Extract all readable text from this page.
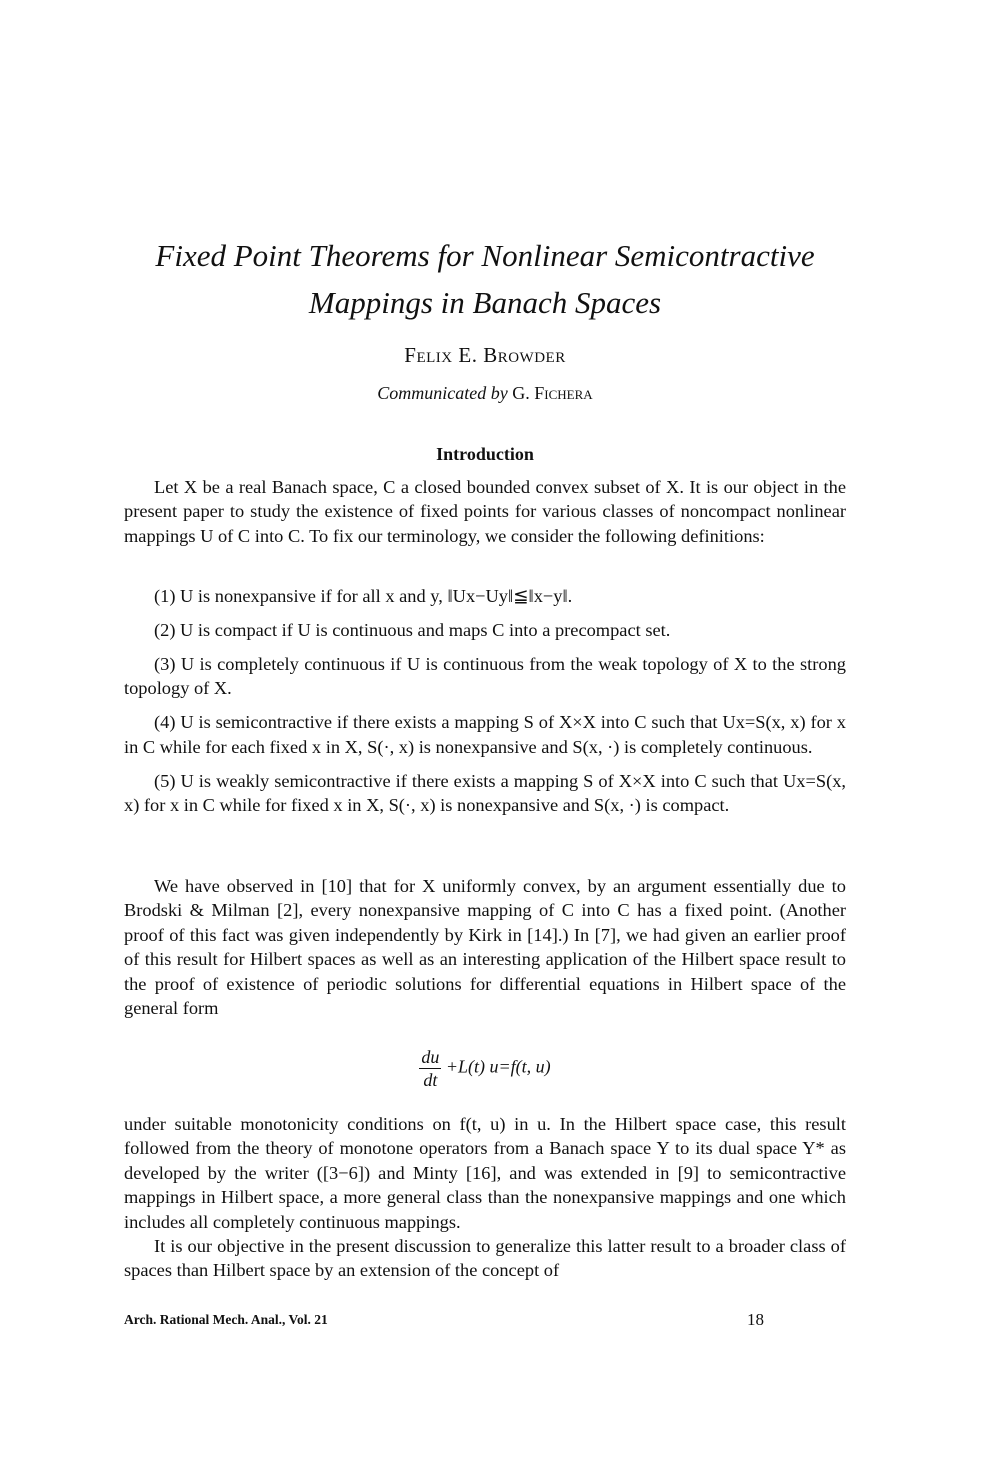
Fixed Point Theorems for Nonlinear Semicontractive
Mappings in Banach Spaces
Felix E. Browder
Communicated by G. Fichera
Introduction

Let X be a real Banach space, C a closed bounded convex subset of X. It is our object in the present paper to study the existence of fixed points for various classes of noncompact nonlinear mappings U of C into C. To fix our terminology, we consider the following definitions:

(1) U is nonexpansive if for all x and y, ‖Ux−Uy‖≦‖x−y‖.

(2) U is compact if U is continuous and maps C into a precompact set.

(3) U is completely continuous if U is continuous from the weak topology of X to the strong topology of X.

(4) U is semicontractive if there exists a mapping S of X×X into C such that Ux=S(x, x) for x in C while for each fixed x in X, S(·, x) is nonexpansive and S(x, ·) is completely continuous.

(5) U is weakly semicontractive if there exists a mapping S of X×X into C such that Ux=S(x, x) for x in C while for fixed x in X, S(·, x) is nonexpansive and S(x, ·) is compact.

We have observed in [10] that for X uniformly convex, by an argument essentially due to Brodski & Milman [2], every nonexpansive mapping of C into C has a fixed point. (Another proof of this fact was given independently by Kirk in [14].) In [7], we had given an earlier proof of this result for Hilbert spaces as well as an interesting application of the Hilbert space result to the proof of existence of periodic solutions for differential equations in Hilbert space of the general form

$\frac{du}{dt} +L(t)$ u=f(t, u)

under suitable monotonicity conditions on f(t, u) in u. In the Hilbert space case, this result followed from the theory of monotone operators from a Banach space Y to its dual space Y* as developed by the writer ([3−6]) and Minty [16], and was extended in [9] to semicontractive mappings in Hilbert space, a more general class than the nonexpansive mappings and one which includes all completely continuous mappings.

It is our objective in the present discussion to generalize this latter result to a broader class of spaces than Hilbert space by an extension of the concept of

Arch. Rational Mech. Anal., Vol. 21	18
